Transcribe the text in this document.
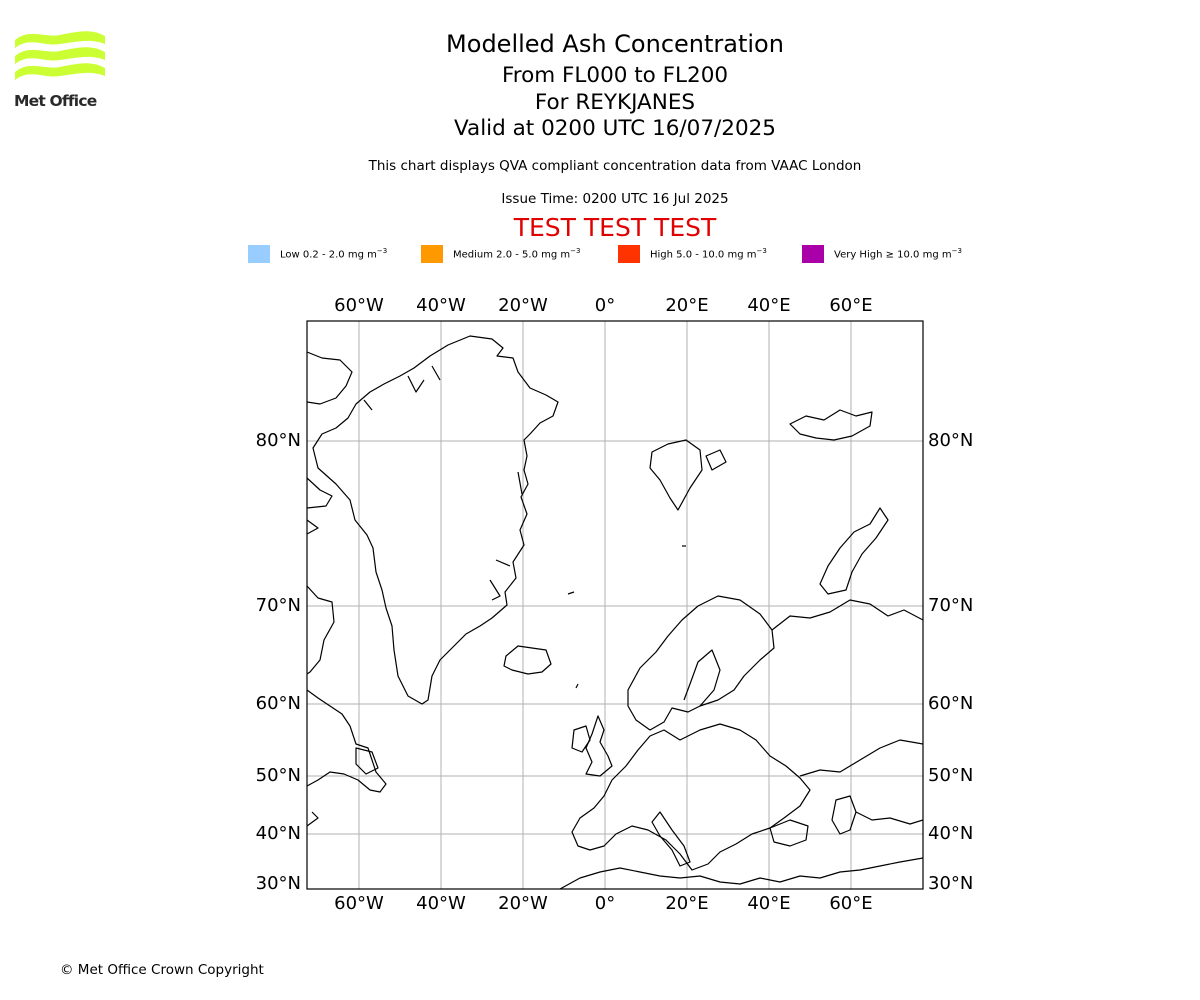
Met Office
Modelled Ash Concentration
From FL000 to FL200
For REYKJANES
Valid at 0200 UTC 16/07/2025
This chart displays QVA compliant concentration data from VAAC London
Issue Time: 0200 UTC 16 Jul 2025
TEST TEST TEST
Low 0.2 - 2.0 mg $m^{-3}$	Medium 2.0 - 5.0 mg $m^{-3}$	High 5.0 - 10.0 mg $m^{-3}$	Very High ≥ 10.0 mg $m^{-3}$
60°W
60°W
40°W
40°W
20°W
20°W
0°
0°
20°E
20°E
40°E
40°E
60°E
60°E
80°N	80°N
70°N	70°N
60°N	60°N
50°N	50°N
40°N	40°N
30°N	30°N
© Met Office Crown Copyright
